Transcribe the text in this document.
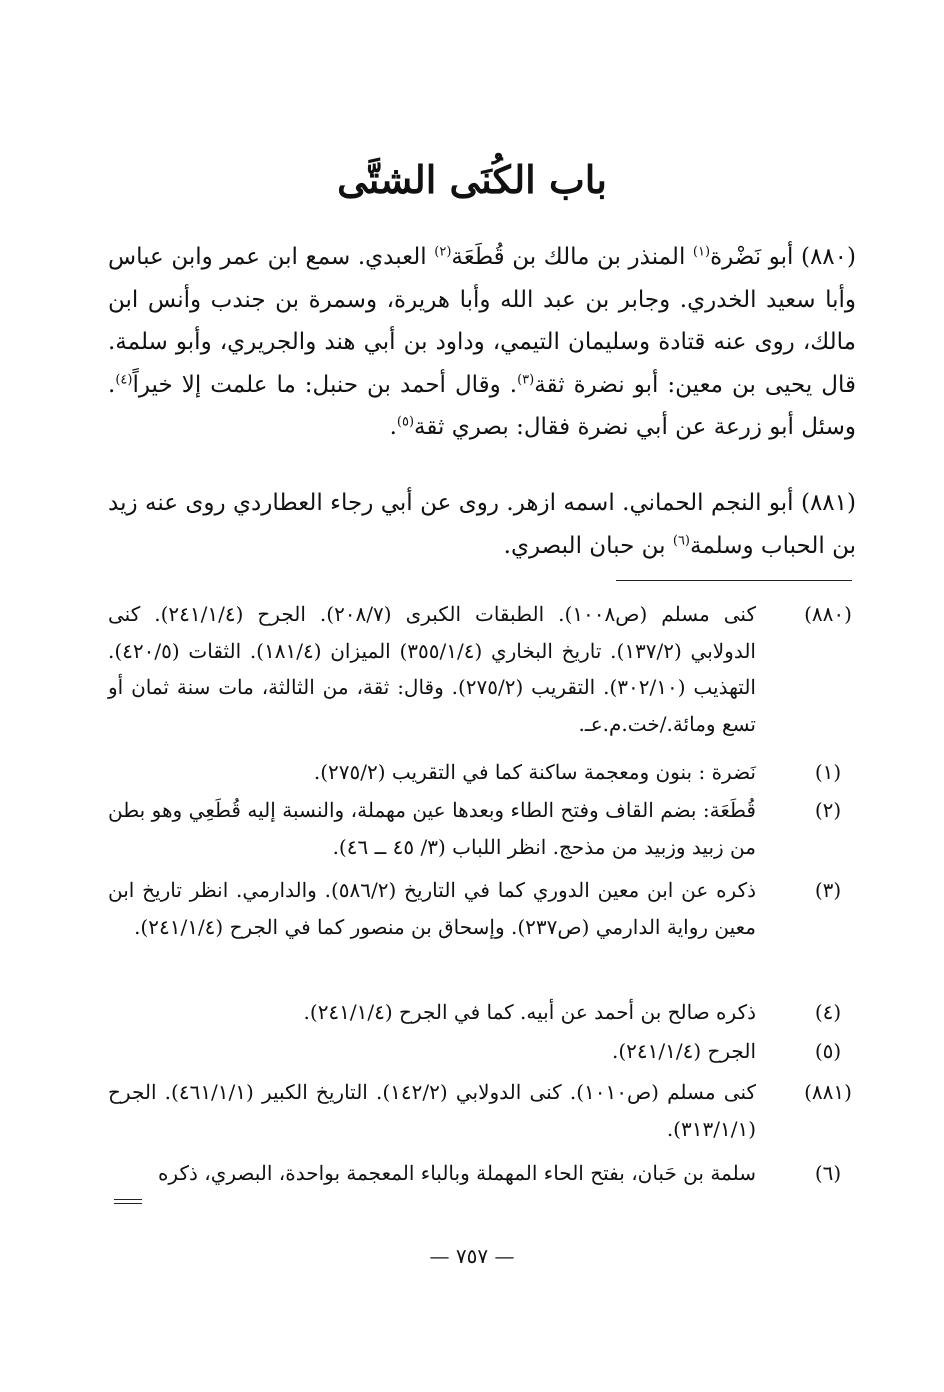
باب الكُنَى الشتَّى
(٨٨٠) أبو نَضْرة$^{(١)}$ المنذر بن مالك بن قُطَعَة$^{(٢)}$ العبدي. سمع ابن عمر وابن عباس وأبا سعيد الخدري. وجابر بن عبد الله وأبا هريرة، وسمرة بن جندب وأنس ابن مالك، روى عنه قتادة وسليمان التيمي، وداود بن أبي هند والجريري، وأبو سلمة. قال يحيى بن معين: أبو نضرة ثقة$^{(٣)}$. وقال أحمد بن حنبل: ما علمت إلا خيراً$^{(٤)}$. وسئل أبو زرعة عن أبي نضرة فقال: بصري ثقة$^{(٥)}$.
(٨٨١) أبو النجم الحماني. اسمه ازهر. روى عن أبي رجاء العطاردي روى عنه زيد بن الحباب وسلمة$^{(٦)}$ بن حبان البصري.
(٨٨٠)
كنى مسلم (ص١٠٠٨). الطبقات الكبرى (٢٠٨/٧). الجرح (٢٤١/١/٤). كنى الدولابي (١٣٧/٢). تاريخ البخاري (٣٥٥/١/٤) الميزان (١٨١/٤). الثقات (٤٢٠/٥). التهذيب (٣٠٢/١٠). التقريب (٢٧٥/٢). وقال: ثقة، من الثالثة، مات سنة ثمان أو تسع ومائة./خت.م.عـ.
(١)
نَضرة : بنون ومعجمة ساكنة كما في التقريب (٢٧٥/٢).
(٢)
قُطَعَة: بضم القاف وفتح الطاء وبعدها عين مهملة، والنسبة إليه قُطَعِي وهو بطن من زبيد وزبيد من مذحج. انظر اللباب (٣/ ٤٥ ــ ٤٦).
(٣)
ذكره عن ابن معين الدوري كما في التاريخ (٥٨٦/٢). والدارمي. انظر تاريخ ابن معين رواية الدارمي (ص٢٣٧). وإسحاق بن منصور كما في الجرح (٢٤١/١/٤).
(٤)
ذكره صالح بن أحمد عن أبيه. كما في الجرح (٢٤١/١/٤).
(٥)
الجرح (٢٤١/١/٤).
(٨٨١)
كنى مسلم (ص١٠١٠). كنى الدولابي (١٤٢/٢). التاريخ الكبير (٤٦١/١/١). الجرح (٣١٣/١/١).
(٦)
سلمة بن حَبان، بفتح الحاء المهملة وبالباء المعجمة بواحدة، البصري، ذكره
— ٧٥٧ —
